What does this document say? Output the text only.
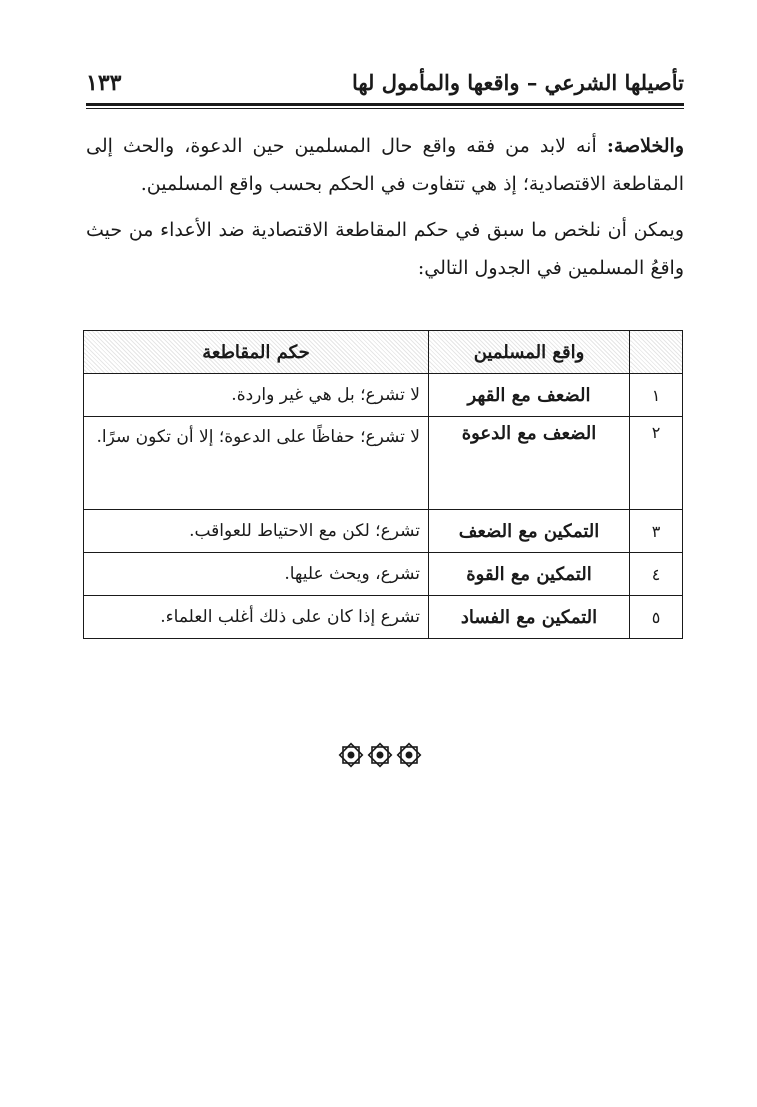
تأصيلها الشرعي – واقعها والمأمول لها
١٣٣

والخلاصة: أنه لابد من فقه واقع حال المسلمين حين الدعوة، والحث إلى المقاطعة الاقتصادية؛ إذ هي تتفاوت في الحكم بحسب واقع المسلمين.

ويمكن أن نلخص ما سبق في حكم المقاطعة الاقتصادية ضد الأعداء من حيث واقعُ المسلمين في الجدول التالي:

	واقع المسلمين	حكم المقاطعة
١	الضعف مع القهر	لا تشرع؛ بل هي غير واردة.
٢	الضعف مع الدعوة	لا تشرع؛ حفاظًا على الدعوة؛ إلا أن تكون سرًا.
٣	التمكين مع الضعف	تشرع؛ لكن مع الاحتياط للعواقب.
٤	التمكين مع القوة	تشرع، ويحث عليها.
٥	التمكين مع الفساد	تشرع إذا كان على ذلك أغلب العلماء.
